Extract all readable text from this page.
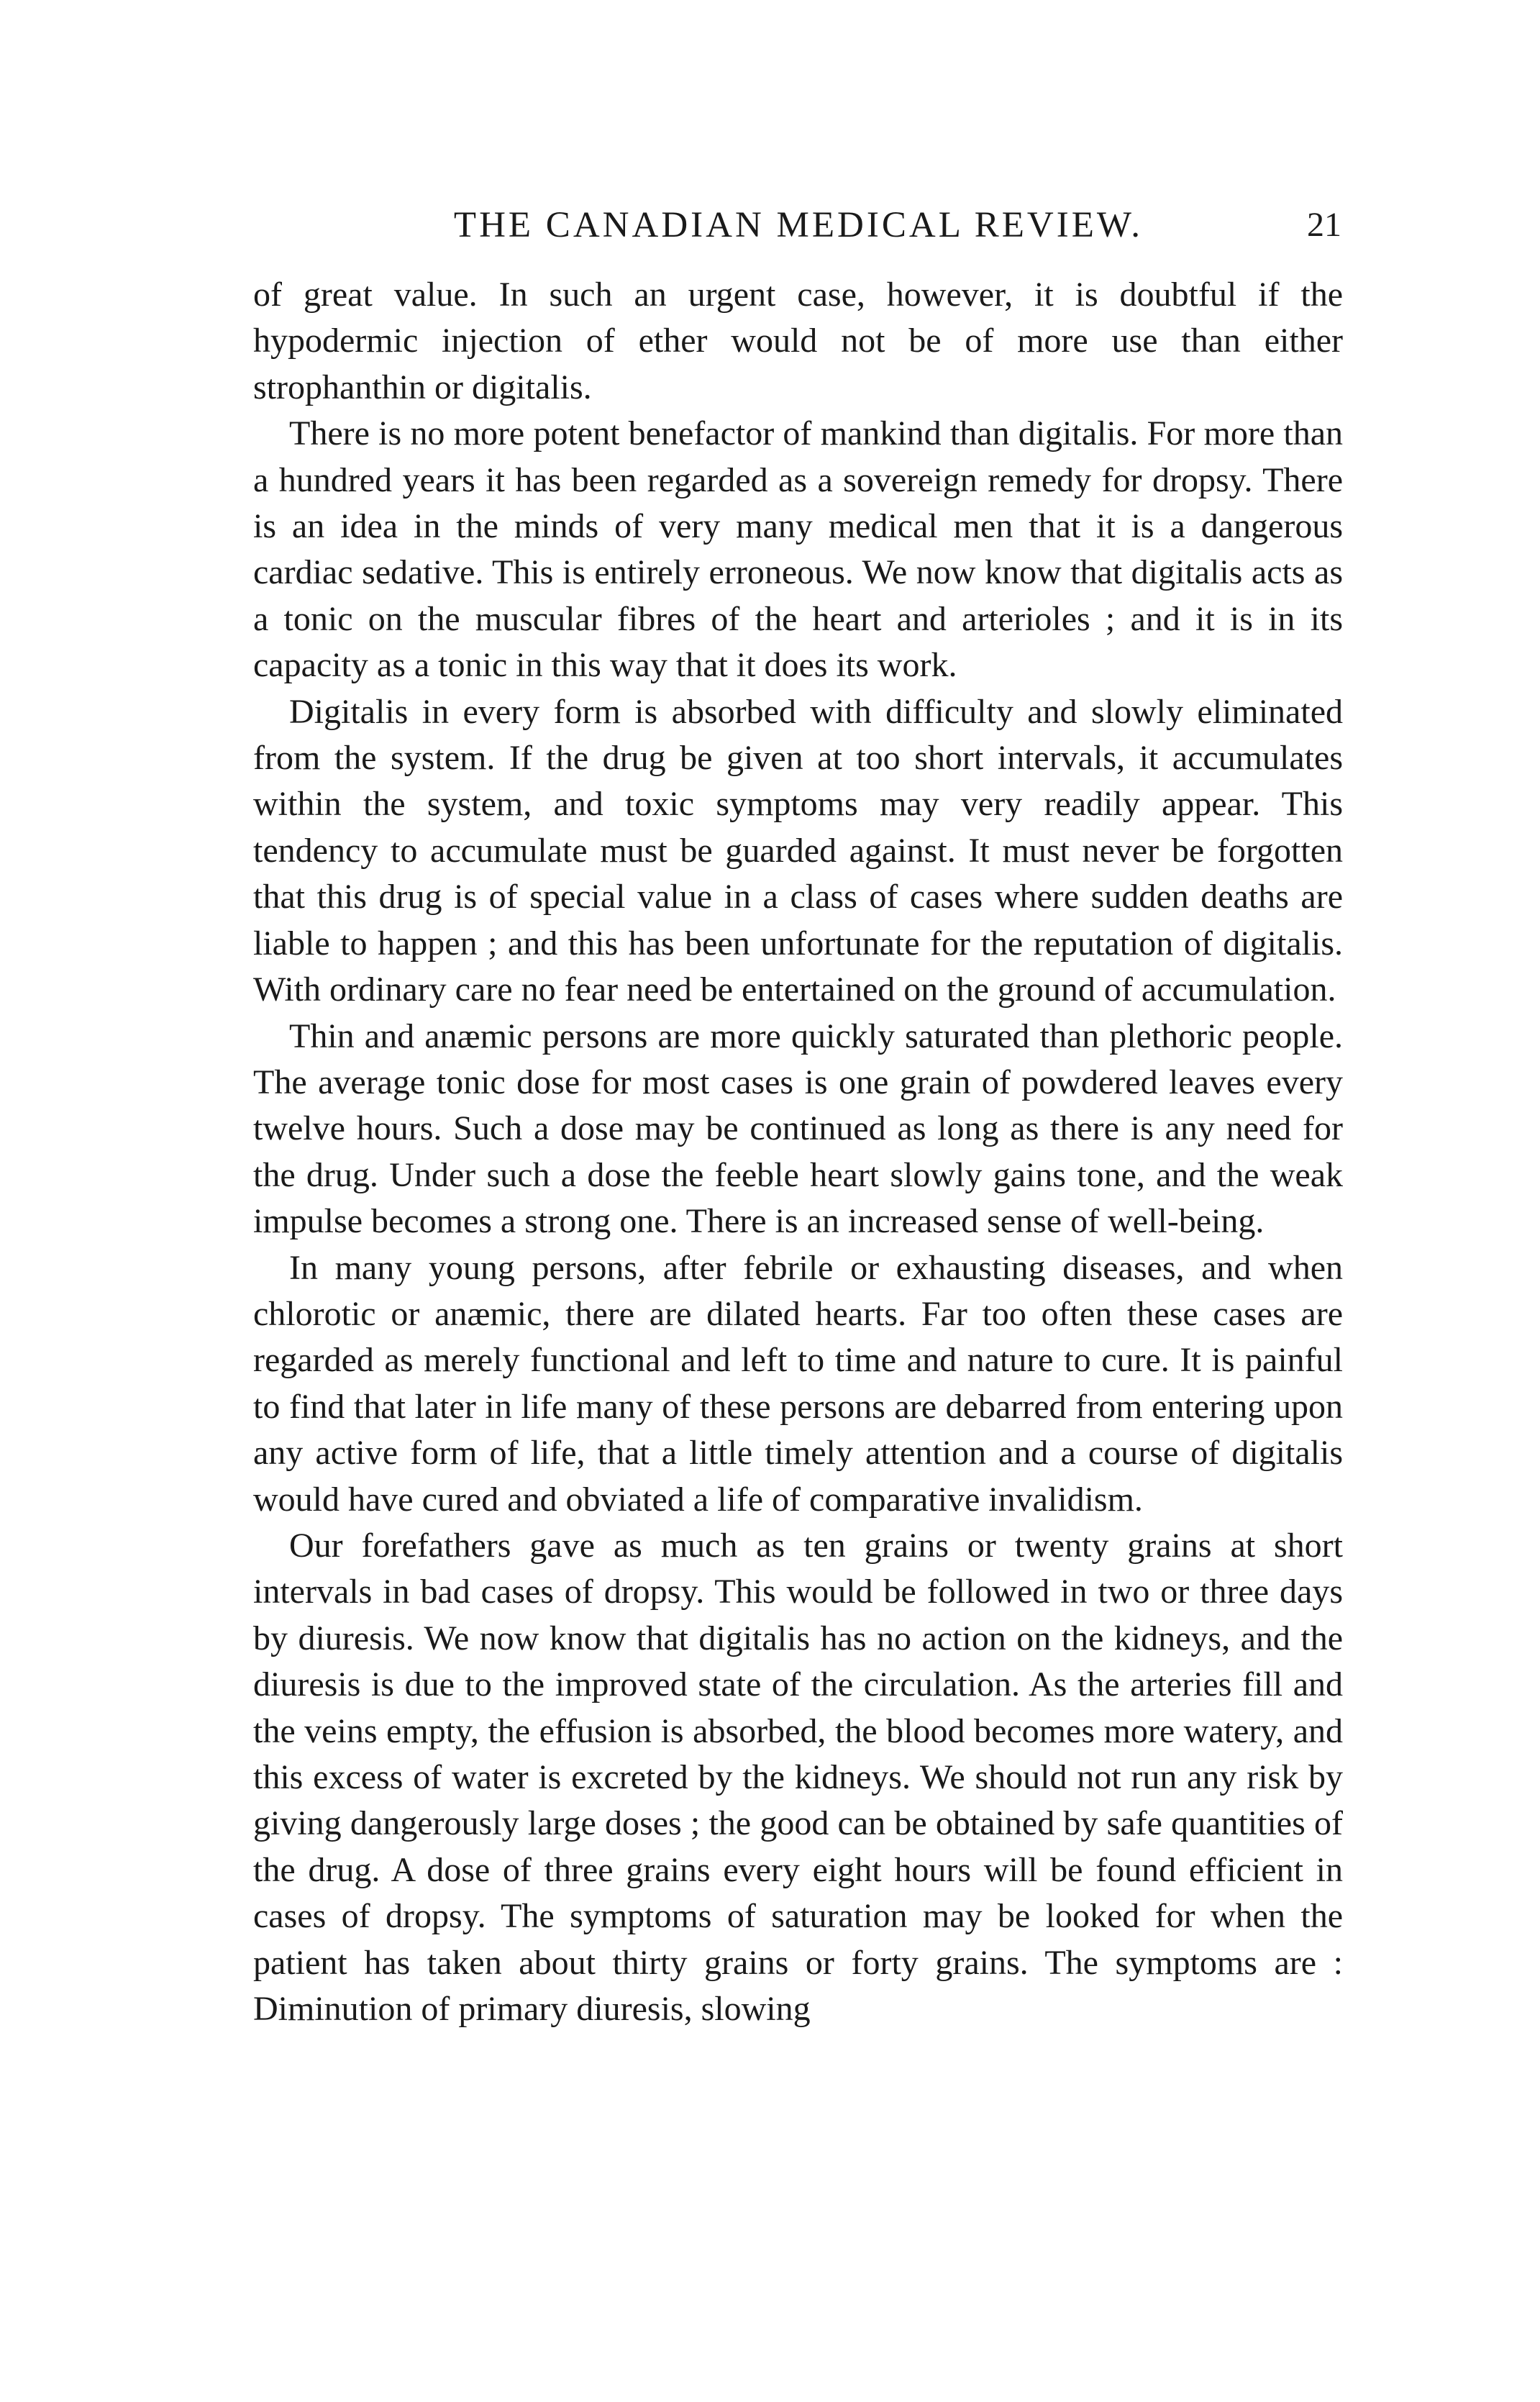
THE CANADIAN MEDICAL REVIEW.	21

of great value. In such an urgent case, however, it is doubtful if the hypodermic injection of ether would not be of more use than either strophanthin or digitalis.

There is no more potent benefactor of mankind than digitalis. For more than a hundred years it has been regarded as a sovereign remedy for dropsy. There is an idea in the minds of very many medical men that it is a dangerous cardiac sedative. This is entirely erroneous. We now know that digitalis acts as a tonic on the muscular fibres of the heart and arterioles ; and it is in its capacity as a tonic in this way that it does its work.

Digitalis in every form is absorbed with difficulty and slowly eliminated from the system. If the drug be given at too short intervals, it accumulates within the system, and toxic symptoms may very readily appear. This tendency to accumulate must be guarded against. It must never be forgotten that this drug is of special value in a class of cases where sudden deaths are liable to happen ; and this has been unfortunate for the reputation of digitalis. With ordinary care no fear need be entertained on the ground of accumulation.

Thin and anæmic persons are more quickly saturated than plethoric people. The average tonic dose for most cases is one grain of powdered leaves every twelve hours. Such a dose may be continued as long as there is any need for the drug. Under such a dose the feeble heart slowly gains tone, and the weak impulse becomes a strong one. There is an increased sense of well-being.

In many young persons, after febrile or exhausting diseases, and when chlorotic or anæmic, there are dilated hearts. Far too often these cases are regarded as merely functional and left to time and nature to cure. It is painful to find that later in life many of these persons are debarred from entering upon any active form of life, that a little timely attention and a course of digitalis would have cured and obviated a life of comparative invalidism.

Our forefathers gave as much as ten grains or twenty grains at short intervals in bad cases of dropsy. This would be followed in two or three days by diuresis. We now know that digitalis has no action on the kidneys, and the diuresis is due to the improved state of the circulation. As the arteries fill and the veins empty, the effusion is absorbed, the blood becomes more watery, and this excess of water is excreted by the kidneys. We should not run any risk by giving dangerously large doses ; the good can be obtained by safe quantities of the drug. A dose of three grains every eight hours will be found efficient in cases of dropsy. The symptoms of saturation may be looked for when the patient has taken about thirty grains or forty grains. The symptoms are : Diminution of primary diuresis, slowing
